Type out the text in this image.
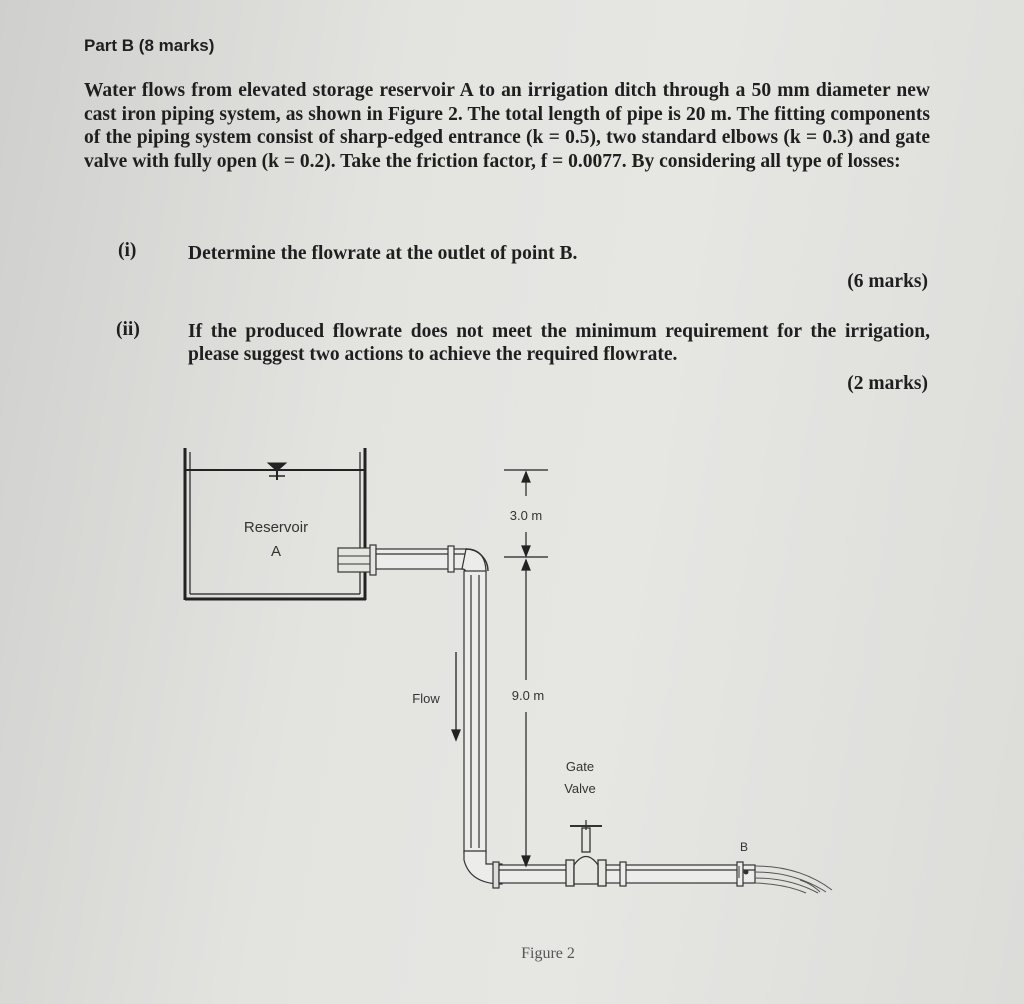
Part B (8 marks)
Water flows from elevated storage reservoir A to an irrigation ditch through a 50 mm diameter new cast iron piping system, as shown in Figure 2. The total length of pipe is 20 m. The fitting components of the piping system consist of sharp-edged entrance (k = 0.5), two standard elbows (k = 0.3) and gate valve with fully open (k = 0.2). Take the friction factor, f = 0.0077. By considering all type of losses:
(i)	Determine the flowrate at the outlet of point B.
(6 marks)
(ii) If the produced flowrate does not meet the minimum requirement for the irrigation, please suggest two actions to achieve the required flowrate.
(2 marks)
Reservoir
A
B
3.0 m
9.0 m
Flow
Gate
Valve
Figure 2
